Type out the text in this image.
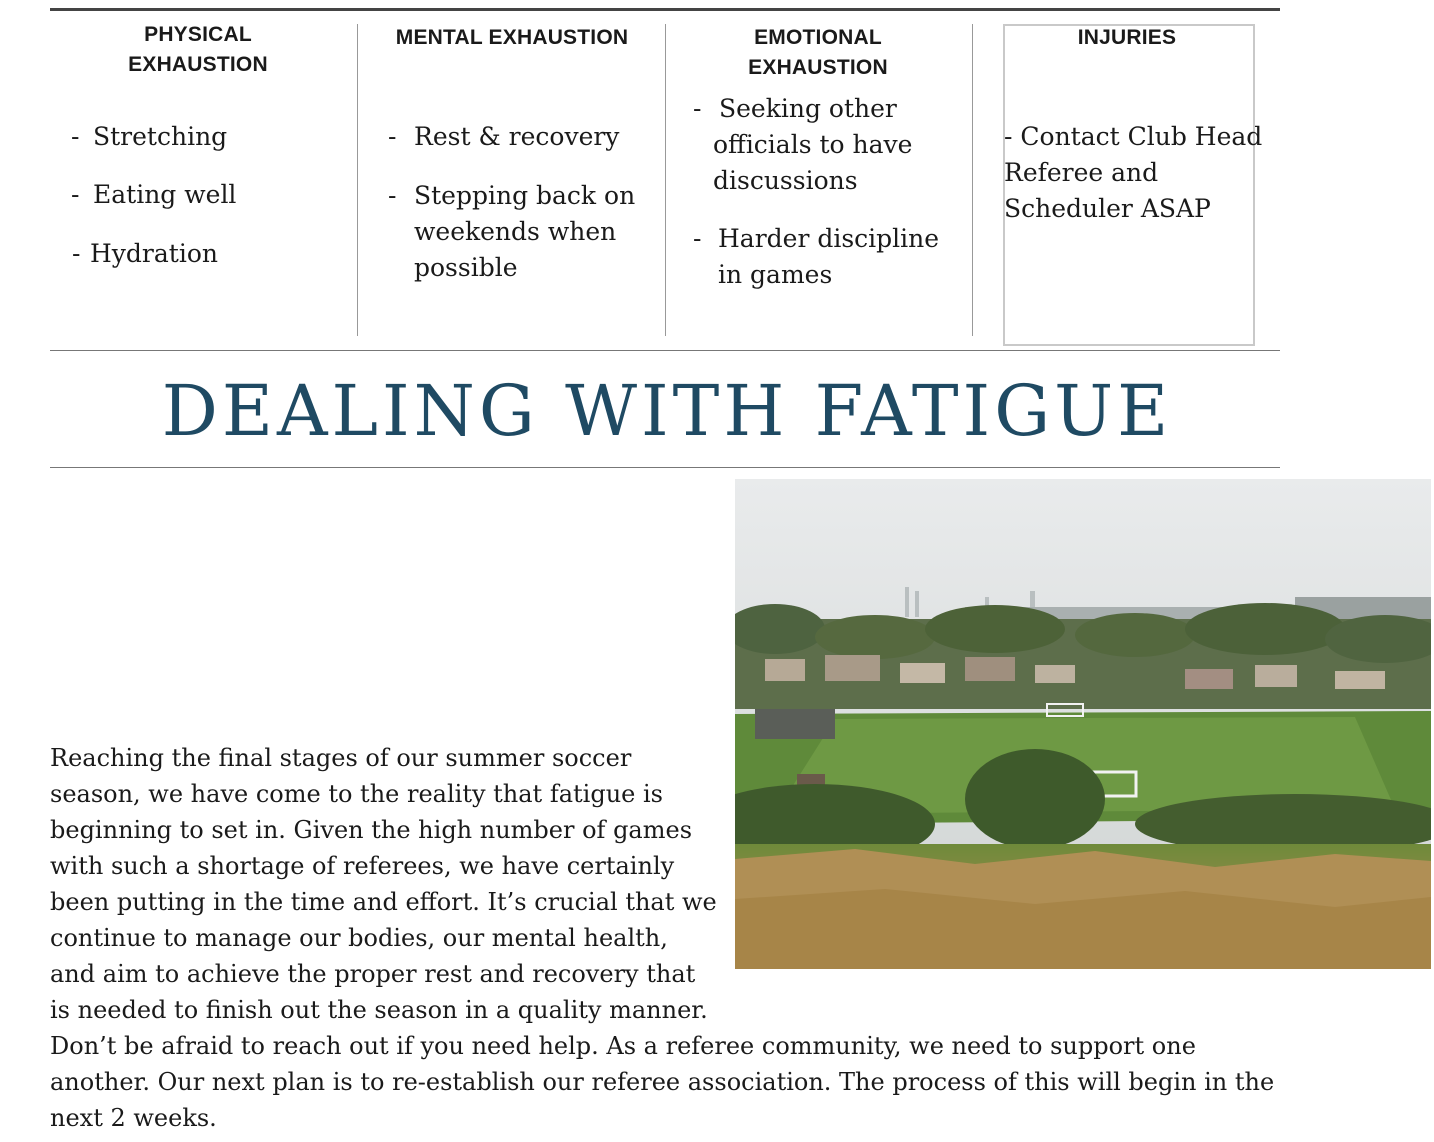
PHYSICAL
EXHAUSTION
- Stretching
- Eating well
- Hydration
MENTAL EXHAUSTION
- Rest & recovery
- Stepping back on
weekends when
possible
EMOTIONAL
EXHAUSTION
- Seeking other
officials to have
discussions
- Harder discipline
in games
INJURIES
- Contact Club Head
Referee and
Scheduler ASAP
DEALING WITH FATIGUE
Reaching the final stages of our summer soccer
season, we have come to the reality that fatigue is
beginning to set in. Given the high number of games
with such a shortage of referees, we have certainly
been putting in the time and effort. It’s crucial that we
continue to manage our bodies, our mental health,
and aim to achieve the proper rest and recovery that
is needed to finish out the season in a quality manner.
Don’t be afraid to reach out if you need help. As a referee community, we need to support one
another. Our next plan is to re-establish our referee association. The process of this will begin in the
next 2 weeks.
